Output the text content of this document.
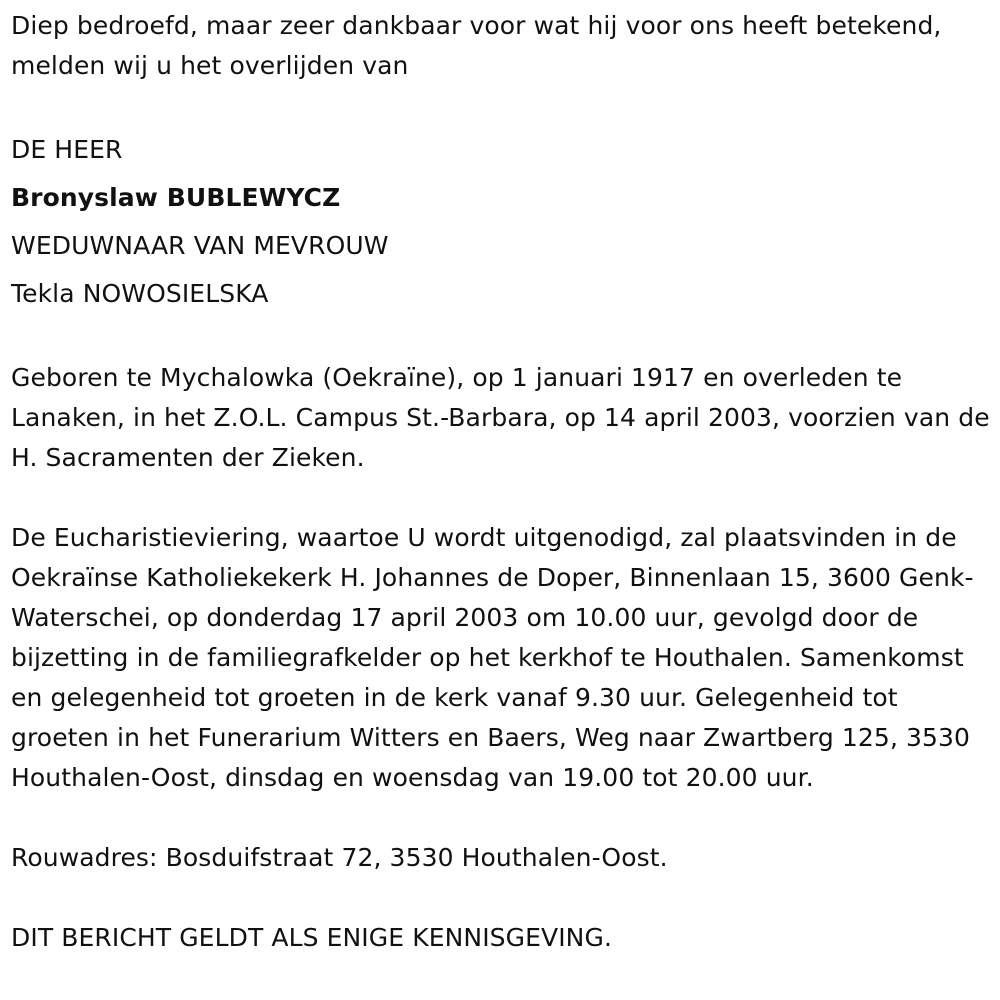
Diep bedroefd, maar zeer dankbaar voor wat hij voor ons heeft betekend, melden wij u het overlijden van

DE HEER
Bronyslaw BUBLEWYCZ
WEDUWNAAR VAN MEVROUW
Tekla NOWOSIELSKA

Geboren te Mychalowka (Oekraïne), op 1 januari 1917 en overleden te Lanaken, in het Z.O.L. Campus St.-Barbara, op 14 april 2003, voorzien van de H. Sacramenten der Zieken.

De Eucharistieviering, waartoe U wordt uitgenodigd, zal plaatsvinden in de Oekraïnse Katholiekekerk H. Johannes de Doper, Binnenlaan 15, 3600 Genk-Waterschei, op donderdag 17 april 2003 om 10.00 uur, gevolgd door de bijzetting in de familiegrafkelder op het kerkhof te Houthalen. Samenkomst en gelegenheid tot groeten in de kerk vanaf 9.30 uur. Gelegenheid tot groeten in het Funerarium Witters en Baers, Weg naar Zwartberg 125, 3530 Houthalen-Oost, dinsdag en woensdag van 19.00 tot 20.00 uur.

Rouwadres: Bosduifstraat 72, 3530 Houthalen-Oost.

DIT BERICHT GELDT ALS ENIGE KENNISGEVING.
